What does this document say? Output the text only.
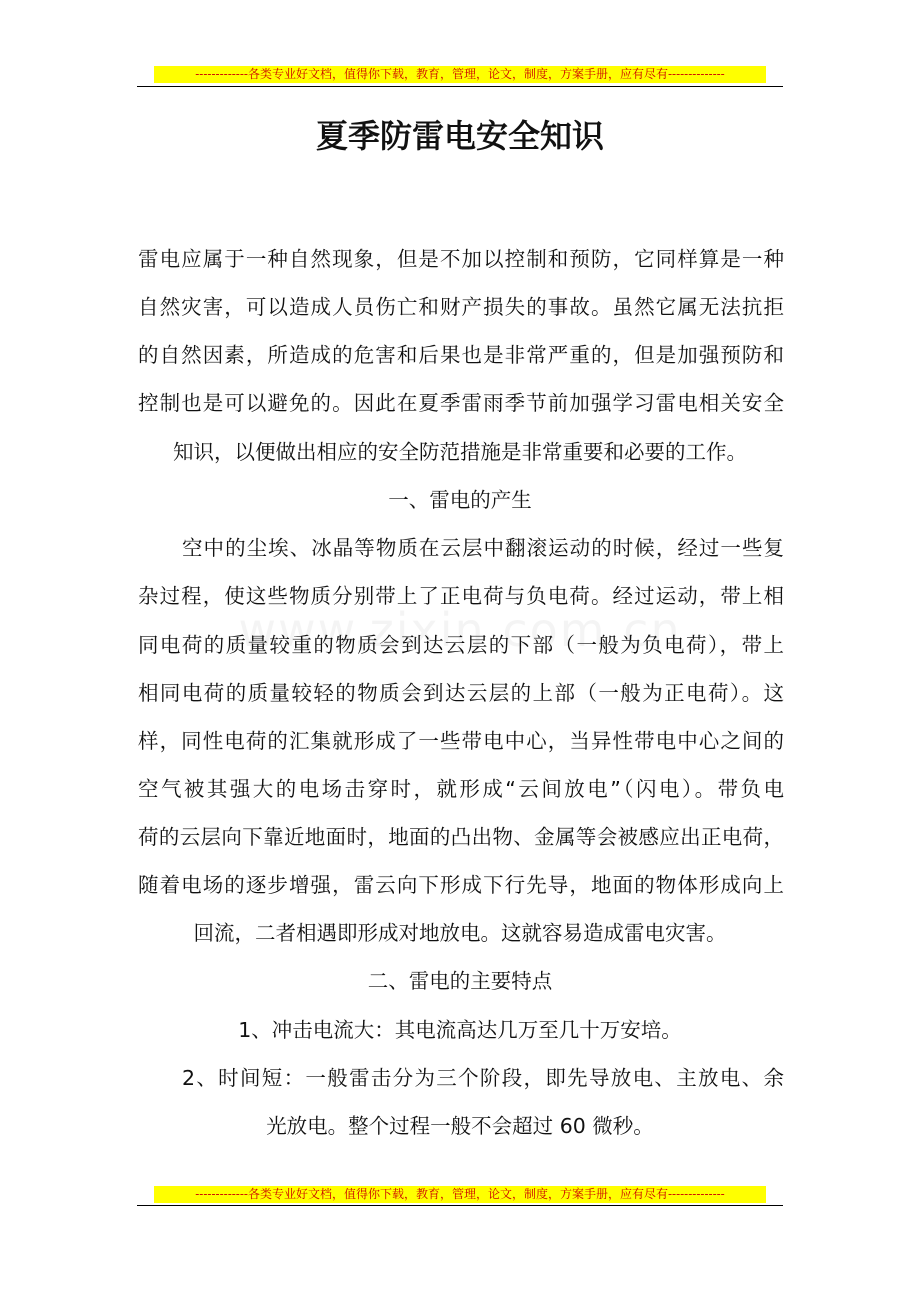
-------------各类专业好文档，值得你下载，教育，管理，论文，制度，方案手册，应有尽有--------------
夏季防雷电安全知识
雷电应属于一种自然现象，但是不加以控制和预防，它同样算是一种
自然灾害，可以造成人员伤亡和财产损失的事故。虽然它属无法抗拒
的自然因素，所造成的危害和后果也是非常严重的，但是加强预防和
控制也是可以避免的。因此在夏季雷雨季节前加强学习雷电相关安全
知识，以便做出相应的安全防范措施是非常重要和必要的工作。
一、雷电的产生
空中的尘埃、冰晶等物质在云层中翻滚运动的时候，经过一些复
杂过程，使这些物质分别带上了正电荷与负电荷。经过运动，带上相
同电荷的质量较重的物质会到达云层的下部（一般为负电荷），带上
相同电荷的质量较轻的物质会到达云层的上部（一般为正电荷）。这
样，同性电荷的汇集就形成了一些带电中心，当异性带电中心之间的
空气被其强大的电场击穿时，就形成“云间放电”（闪电）。带负电
荷的云层向下靠近地面时，地面的凸出物、金属等会被感应出正电荷，
随着电场的逐步增强，雷云向下形成下行先导，地面的物体形成向上
回流，二者相遇即形成对地放电。这就容易造成雷电灾害。
二、雷电的主要特点
1、冲击电流大：其电流高达几万至几十万安培。
2、时间短：一般雷击分为三个阶段，即先导放电、主放电、余
光放电。整个过程一般不会超过 60 微秒。
-------------各类专业好文档，值得你下载，教育，管理，论文，制度，方案手册，应有尽有--------------
